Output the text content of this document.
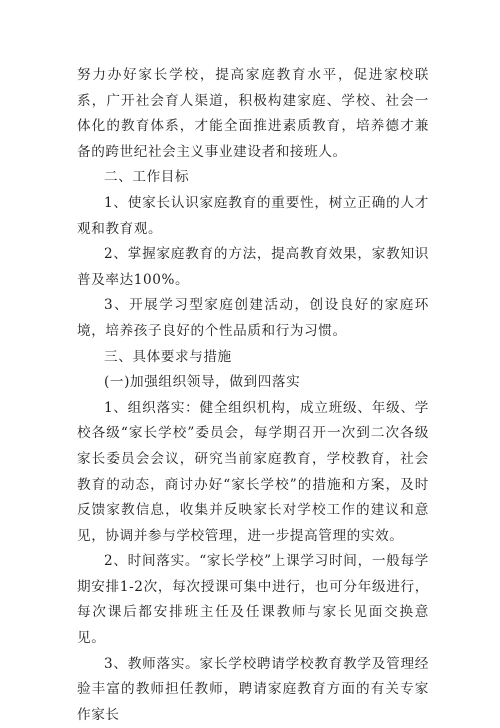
努力办好家长学校，提高家庭教育水平，促进家校联系，广开社会育人渠道，积极构建家庭、学校、社会一体化的教育体系，才能全面推进素质教育，培养德才兼备的跨世纪社会主义事业建设者和接班人。

二、工作目标

1、使家长认识家庭教育的重要性，树立正确的人才观和教育观。

2、掌握家庭教育的方法，提高教育效果，家教知识普及率达100%。

3、开展学习型家庭创建活动，创设良好的家庭环境，培养孩子良好的个性品质和行为习惯。

三、具体要求与措施

(一)加强组织领导，做到四落实

1、组织落实：健全组织机构，成立班级、年级、学校各级“家长学校”委员会，每学期召开一次到二次各级家长委员会会议，研究当前家庭教育，学校教育，社会教育的动态，商讨办好“家长学校”的措施和方案，及时反馈家教信息，收集并反映家长对学校工作的建议和意见，协调并参与学校管理，进一步提高管理的实效。

2、时间落实。“家长学校”上课学习时间，一般每学期安排1-2次，每次授课可集中进行，也可分年级进行，每次课后都安排班主任及任课教师与家长见面交换意见。

3、教师落实。家长学校聘请学校教育教学及管理经验丰富的教师担任教师，聘请家庭教育方面的有关专家作家长
